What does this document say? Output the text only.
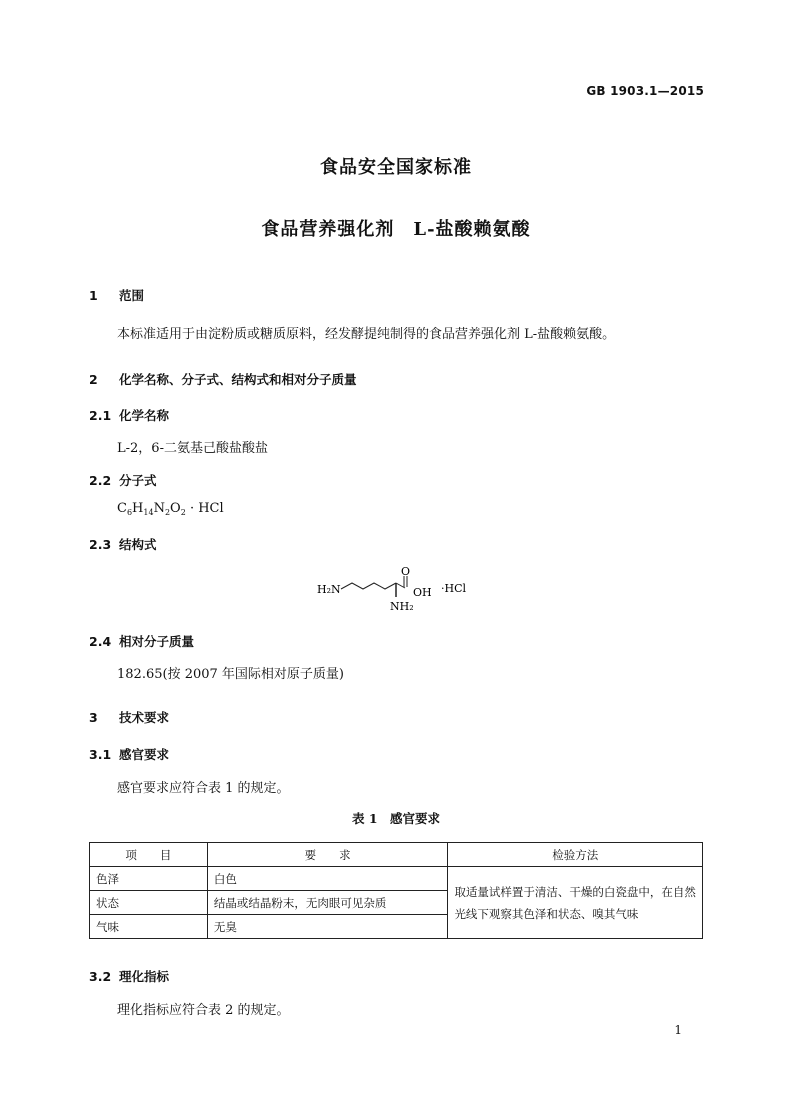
GB 1903.1—2015
食品安全国家标准
食品营养强化剂　L-盐酸赖氨酸
1 范围
本标准适用于由淀粉质或糖质原料，经发酵提纯制得的食品营养强化剂 L-盐酸赖氨酸。
2 化学名称、分子式、结构式和相对分子质量
2.1 化学名称
L-2，6-二氨基己酸盐酸盐
2.2 分子式
$C_6H_{14}N_2O_2$ · HCl
2.3 结构式
H₂N
O
OH
NH₂
·HCl
2.4 相对分子质量
182.65(按 2007 年国际相对原子质量)
3 技术要求
3.1 感官要求
感官要求应符合表 1 的规定。
表 1　感官要求
项　　目	要　　求	检验方法
色泽	白色	取适量试样置于清洁、干燥的白瓷盘中，在自然光线下观察其色泽和状态、嗅其气味
状态	结晶或结晶粉末，无肉眼可见杂质	
气味	无臭	
3.2 理化指标
理化指标应符合表 2 的规定。
1
